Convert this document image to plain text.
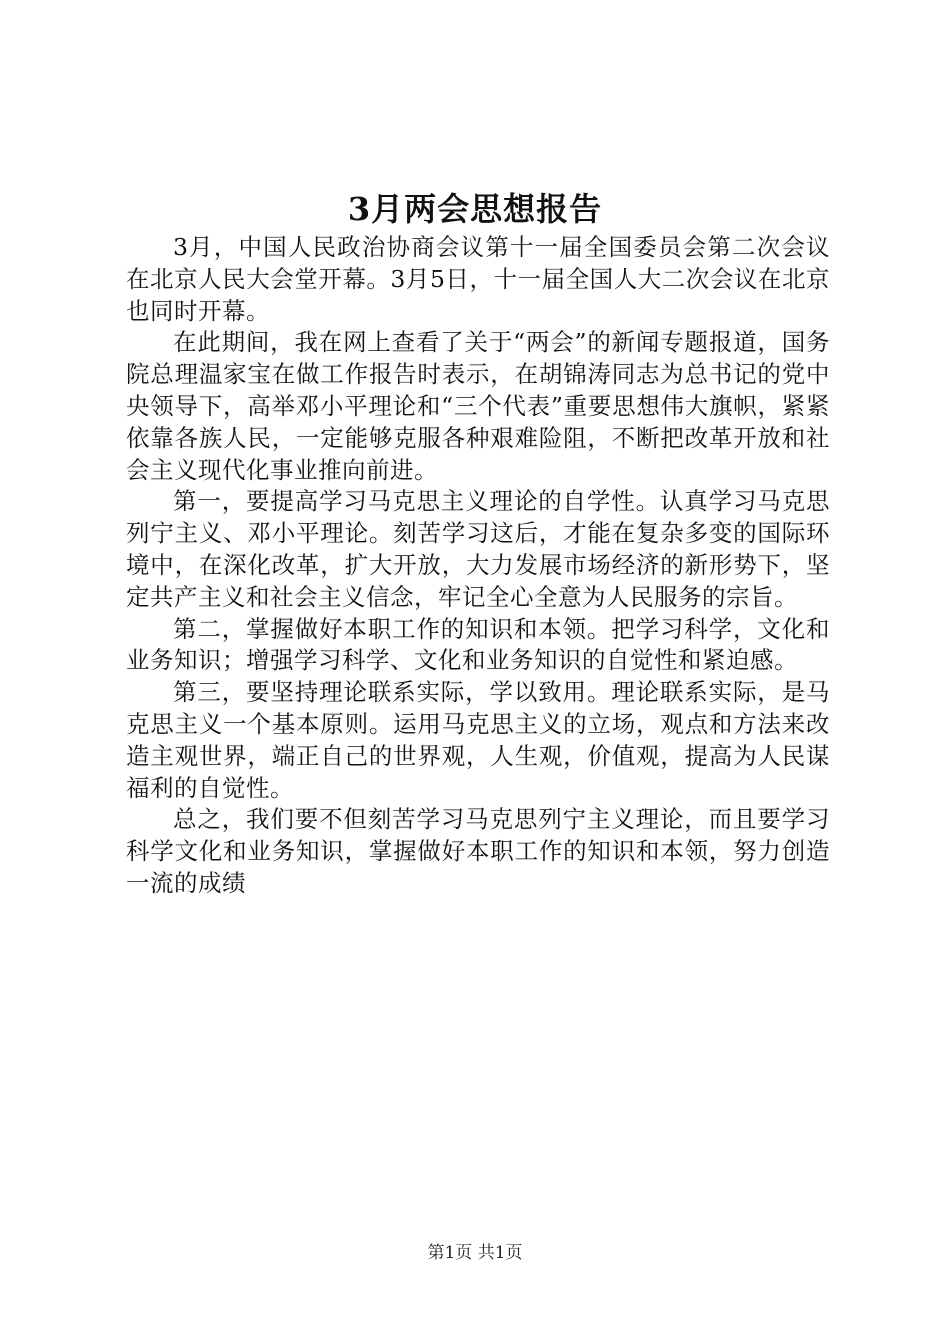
3月两会思想报告

3月，中国人民政治协商会议第十一届全国委员会第二次会议在北京人民大会堂开幕。3月5日，十一届全国人大二次会议在北京也同时开幕。

在此期间，我在网上查看了关于“两会”的新闻专题报道，国务院总理温家宝在做工作报告时表示，在胡锦涛同志为总书记的党中央领导下，高举邓小平理论和“三个代表”重要思想伟大旗帜，紧紧依靠各族人民，一定能够克服各种艰难险阻，不断把改革开放和社会主义现代化事业推向前进。

第一，要提高学习马克思主义理论的自学性。认真学习马克思列宁主义、邓小平理论。刻苦学习这后，才能在复杂多变的国际环境中，在深化改革，扩大开放，大力发展市场经济的新形势下，坚定共产主义和社会主义信念，牢记全心全意为人民服务的宗旨。

第二，掌握做好本职工作的知识和本领。把学习科学，文化和业务知识；增强学习科学、文化和业务知识的自觉性和紧迫感。

第三，要坚持理论联系实际，学以致用。理论联系实际，是马克思主义一个基本原则。运用马克思主义的立场，观点和方法来改造主观世界，端正自己的世界观，人生观，价值观，提高为人民谋福利的自觉性。

总之，我们要不但刻苦学习马克思列宁主义理论，而且要学习科学文化和业务知识，掌握做好本职工作的知识和本领，努力创造一流的成绩

第1页 共1页
